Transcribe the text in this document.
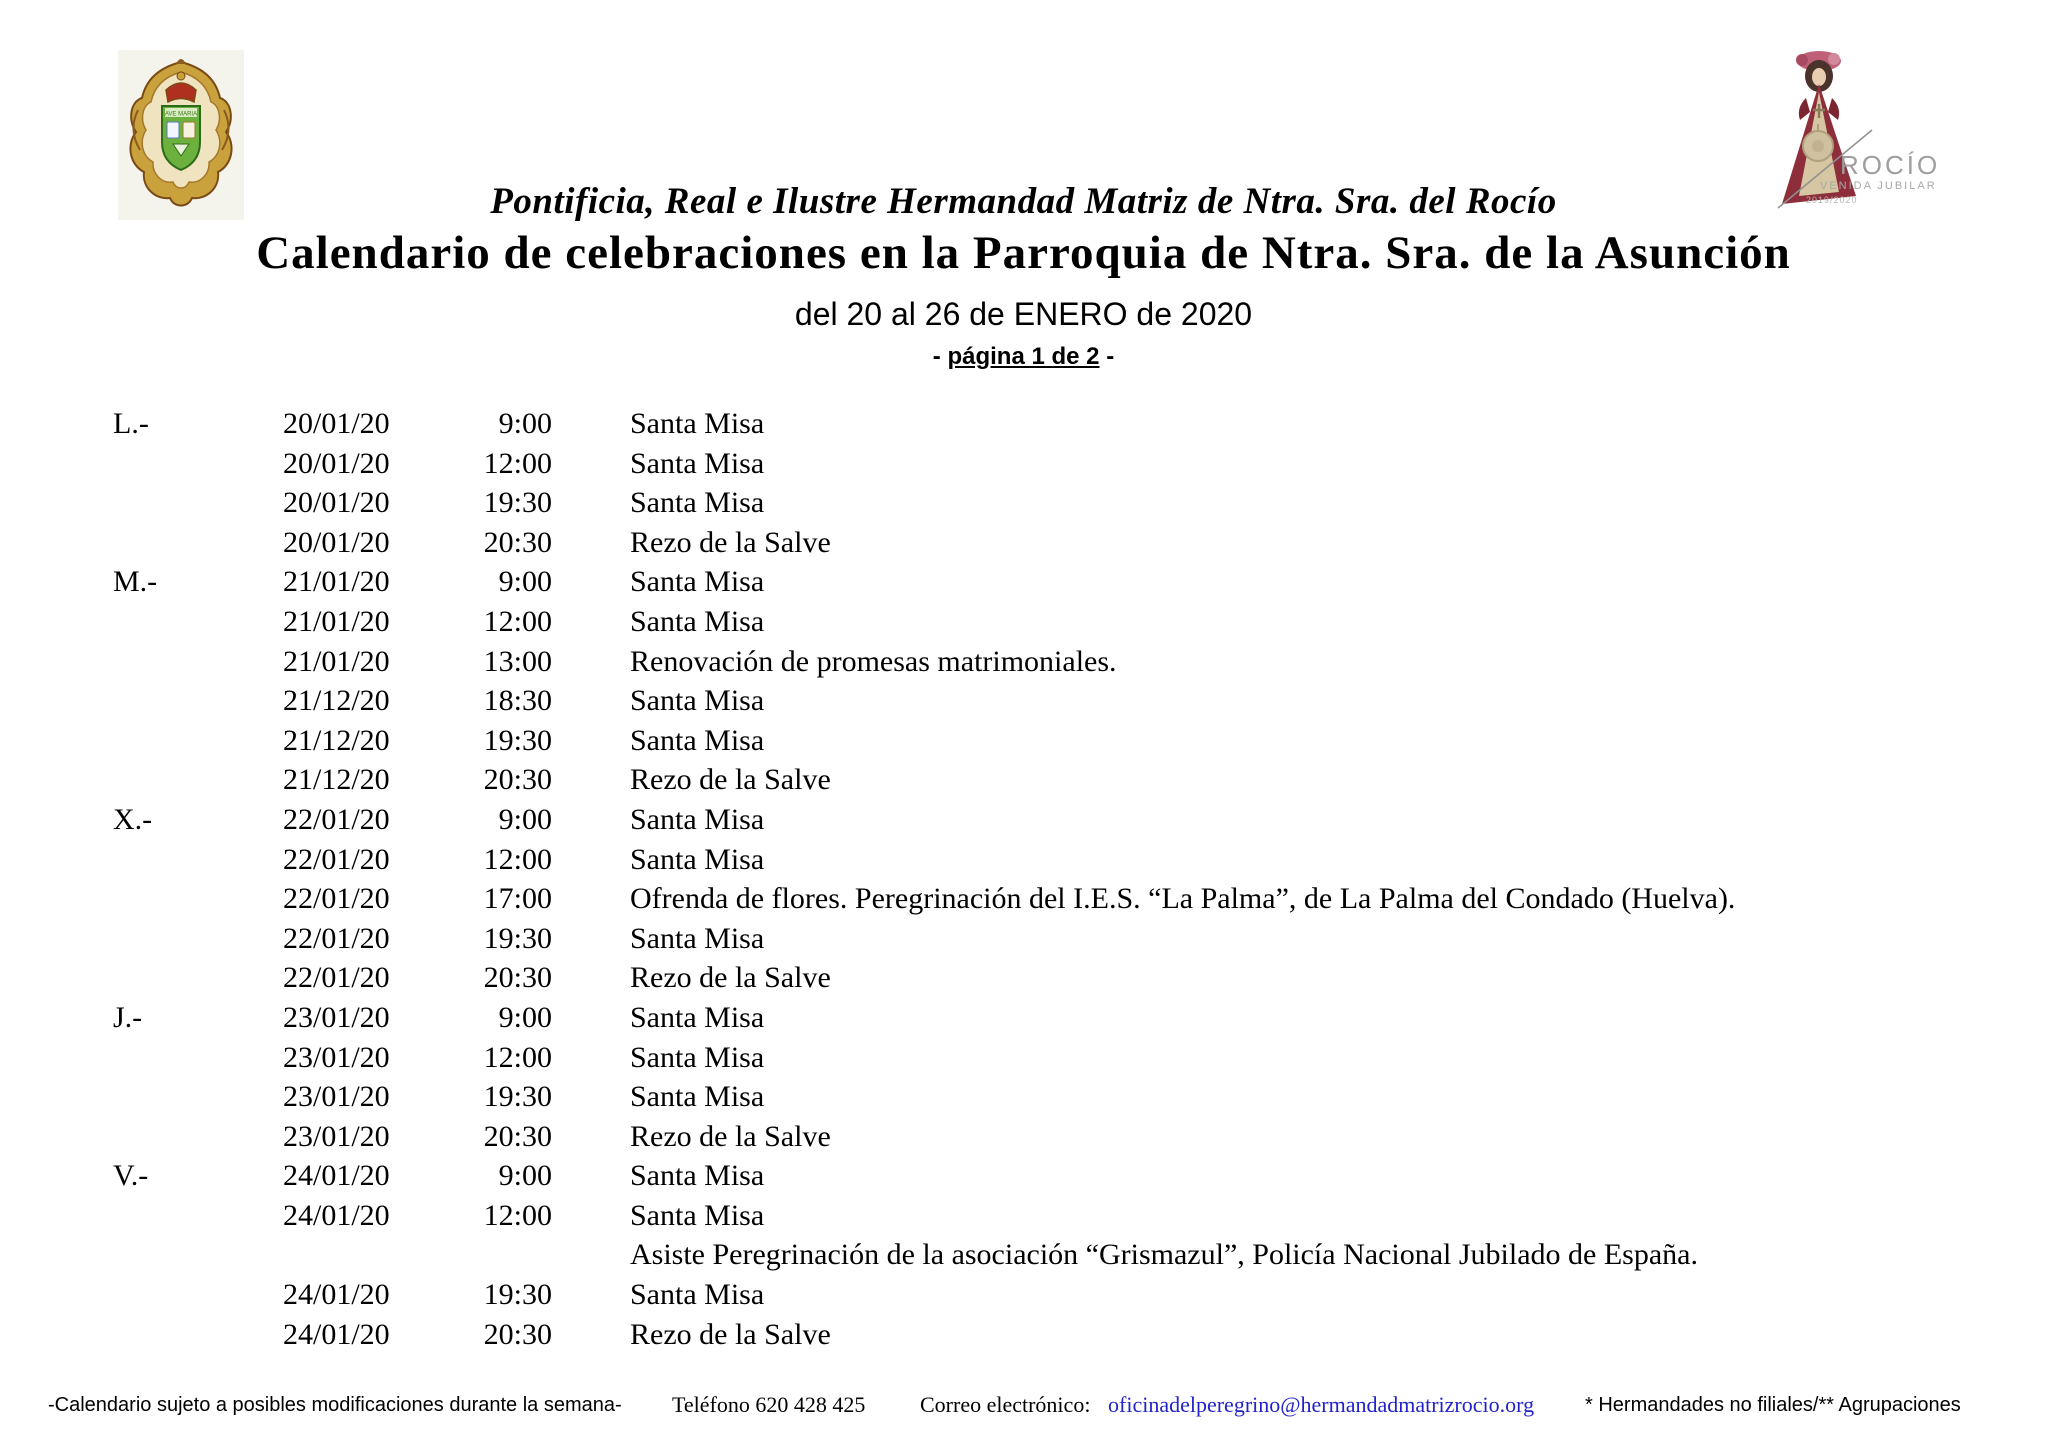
AVE MARIA
ROCÍO
VENIDA JUBILAR
2019/2020
Pontificia, Real e Ilustre Hermandad Matriz de Ntra. Sra. del Rocío
Calendario de celebraciones en la Parroquia de Ntra. Sra. de la Asunción
del 20 al 26 de ENERO de 2020
- página 1 de 2 -
L.-	20/01/20	9:00	Santa Misa
20/01/20	12:00	Santa Misa
20/01/20	19:30	Santa Misa
20/01/20	20:30	Rezo de la Salve
M.-	21/01/20	9:00	Santa Misa
21/01/20	12:00	Santa Misa
21/01/20	13:00	Renovación de promesas matrimoniales.
21/12/20	18:30	Santa Misa
21/12/20	19:30	Santa Misa
21/12/20	20:30	Rezo de la Salve
X.-	22/01/20	9:00	Santa Misa
22/01/20	12:00	Santa Misa
22/01/20	17:00	Ofrenda de flores. Peregrinación del I.E.S. “La Palma”, de La Palma del Condado (Huelva).
22/01/20	19:30	Santa Misa
22/01/20	20:30	Rezo de la Salve
J.-	23/01/20	9:00	Santa Misa
23/01/20	12:00	Santa Misa
23/01/20	19:30	Santa Misa
23/01/20	20:30	Rezo de la Salve
V.-	24/01/20	9:00	Santa Misa
24/01/20	12:00	Santa Misa
Asiste Peregrinación de la asociación “Grismazul”, Policía Nacional Jubilado de España.
24/01/20	19:30	Santa Misa
24/01/20	20:30	Rezo de la Salve
-Calendario sujeto a posibles modificaciones durante la semana- Teléfono 620 428 425 Correo electrónico: oficinadelperegrino@hermandadmatrizrocio.org	* Hermandades no filiales/** Agrupaciones
